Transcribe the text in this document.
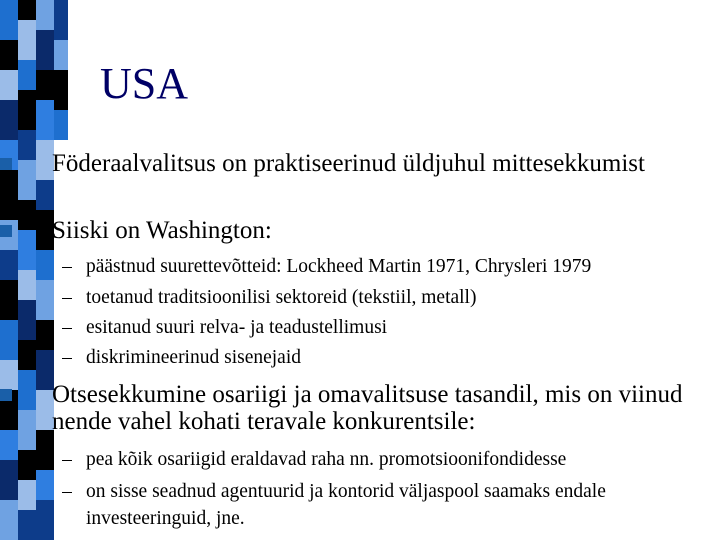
USA
Föderaalvalitsus on praktiseerinud üldjuhul mittesekkumist
Siiski on Washington:
– päästnud suurettevõtteid: Lockheed Martin 1971, Chrysleri 1979
– toetanud traditsioonilisi sektoreid (tekstiil, metall)
– esitanud suuri relva- ja teadustellimusi
– diskrimineerinud sisenejaid
Otsesekkumine osariigi ja omavalitsuse tasandil, mis on viinud nende vahel kohati teravale konkurentsile:
– pea kõik osariigid eraldavad raha nn. promotsioonifondidesse
– on sisse seadnud agentuurid ja kontorid väljaspool saamaks endale investeeringuid, jne.
